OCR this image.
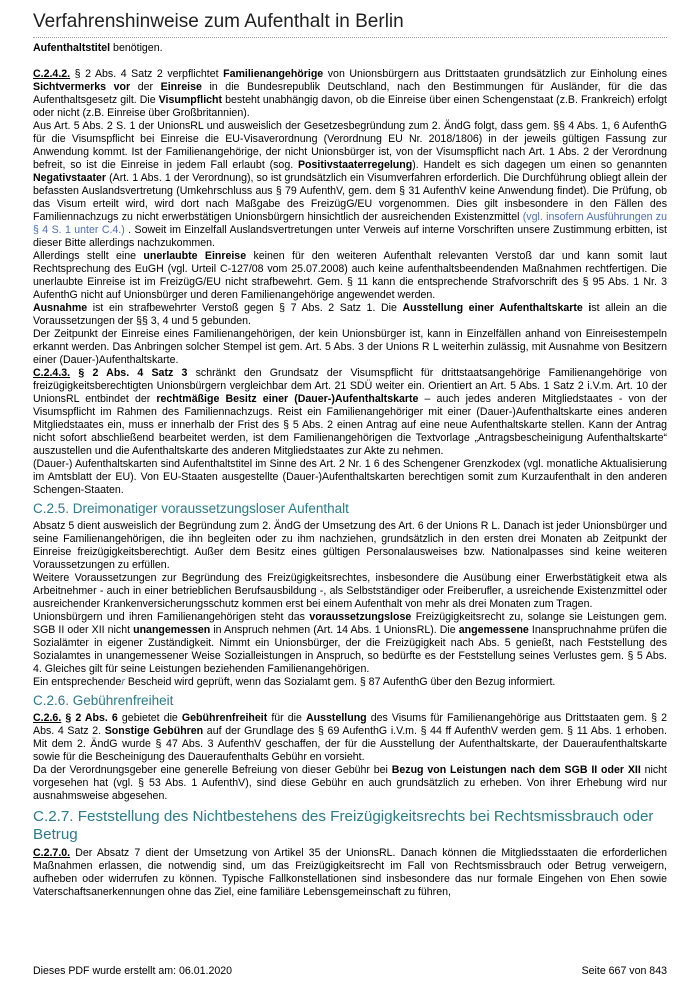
Verfahrenshinweise zum Aufenthalt in Berlin

Aufenthaltstitel benötigen.

C.2.4.2. § 2 Abs. 4 Satz 2 verpflichtet Familienangehörige von Unionsbürgern aus Drittstaaten grundsätzlich zur Einholung eines Sichtvermerks vor der Einreise in die Bundesrepublik Deutschland, nach den Bestimmungen für Ausländer, für die das Aufenthaltsgesetz gilt. Die Visumpflicht besteht unabhängig davon, ob die Einreise über einen Schengenstaat (z.B. Frankreich) erfolgt oder nicht (z.B. Einreise über Großbritannien).

Aus Art. 5 Abs. 2 S. 1 der UnionsRL und ausweislich der Gesetzesbegründung zum 2. ÄndG folgt, dass gem. §§ 4 Abs. 1, 6 AufenthG für die Visumspflicht bei Einreise die EU-Visaverordnung (Verordnung EU Nr. 2018/1806) in der jeweils gültigen Fassung zur Anwendung kommt. Ist der Familienangehörige, der nicht Unionsbürger ist, von der Visumspflicht nach Art. 1 Abs. 2 der Verordnung befreit, so ist die Einreise in jedem Fall erlaubt (sog. Positivstaaterregelung). Handelt es sich dagegen um einen so genannten Negativstaater (Art. 1 Abs. 1 der Verordnung), so ist grundsätzlich ein Visumverfahren erforderlich. Die Durchführung obliegt allein der befassten Auslandsvertretung (Umkehrschluss aus § 79 AufenthV, gem. dem § 31 AufenthV keine Anwendung findet). Die Prüfung, ob das Visum erteilt wird, wird dort nach Maßgabe des FreizügG/EU vorgenommen. Dies gilt insbesondere in den Fällen des Familiennachzugs zu nicht erwerbstätigen Unionsbürgern hinsichtlich der ausreichenden Existenzmittel (vgl. insofern Ausführungen zu § 4 S. 1 unter C.4.) . Soweit im Einzelfall Auslandsvertretungen unter Verweis auf interne Vorschriften unsere Zustimmung erbitten, ist dieser Bitte allerdings nachzukommen.

Allerdings stellt eine unerlaubte Einreise keinen für den weiteren Aufenthalt relevanten Verstoß dar und kann somit laut Rechtsprechung des EuGH (vgl. Urteil C-127/08 vom 25.07.2008) auch keine aufenthaltsbeendenden Maßnahmen rechtfertigen. Die unerlaubte Einreise ist im FreizügG/EU nicht strafbewehrt. Gem. § 11 kann die entsprechende Strafvorschrift des § 95 Abs. 1 Nr. 3 AufenthG nicht auf Unionsbürger und deren Familienangehörige angewendet werden.

Ausnahme ist ein strafbewehrter Verstoß gegen § 7 Abs. 2 Satz 1. Die Ausstellung einer Aufenthaltskarte ist allein an die Voraussetzungen der §§ 3, 4 und 5 gebunden.

Der Zeitpunkt der Einreise eines Familienangehörigen, der kein Unionsbürger ist, kann in Einzelfällen anhand von Einreisestempeln erkannt werden. Das Anbringen solcher Stempel ist gem. Art. 5 Abs. 3 der Unions R L weiterhin zulässig, mit Ausnahme von Besitzern einer (Dauer-)Aufenthaltskarte.

C.2.4.3. § 2 Abs. 4 Satz 3 schränkt den Grundsatz der Visumspflicht für drittstaatsangehörige Familienangehörige von freizügigkeitsberechtigten Unionsbürgern vergleichbar dem Art. 21 SDÜ weiter ein. Orientiert an Art. 5 Abs. 1 Satz 2 i.V.m. Art. 10 der UnionsRL entbindet der rechtmäßige Besitz einer (Dauer-)Aufenthaltskarte – auch jedes anderen Mitgliedstaates - von der Visumspflicht im Rahmen des Familiennachzugs. Reist ein Familienangehöriger mit einer (Dauer-)Aufenthaltskarte eines anderen Mitgliedstaates ein, muss er innerhalb der Frist des § 5 Abs. 2 einen Antrag auf eine neue Aufenthaltskarte stellen. Kann der Antrag nicht sofort abschließend bearbeitet werden, ist dem Familienangehörigen die Textvorlage „Antragsbescheinigung Aufenthaltskarte“ auszustellen und die Aufenthaltskarte des anderen Mitgliedstaates zur Akte zu nehmen.

(Dauer-) Aufenthaltskarten sind Aufenthaltstitel im Sinne des Art. 2 Nr. 1 6 des Schengener Grenzkodex (vgl. monatliche Aktualisierung im Amtsblatt der EU). Von EU-Staaten ausgestellte (Dauer-)Aufenthaltskarten berechtigen somit zum Kurzaufenthalt in den anderen Schengen-Staaten.

C.2.5. Dreimonatiger voraussetzungsloser Aufenthalt

Absatz 5 dient ausweislich der Begründung zum 2. ÄndG der Umsetzung des Art. 6 der Unions R L. Danach ist jeder Unionsbürger und seine Familienangehörigen, die ihn begleiten oder zu ihm nachziehen, grundsätzlich in den ersten drei Monaten ab Zeitpunkt der Einreise freizügigkeitsberechtigt. Außer dem Besitz eines gültigen Personalausweises bzw. Nationalpasses sind keine weiteren Voraussetzungen zu erfüllen.

Weitere Voraussetzungen zur Begründung des Freizügigkeitsrechtes, insbesondere die Ausübung einer Erwerbstätigkeit etwa als Arbeitnehmer - auch in einer betrieblichen Berufsausbildung -, als Selbstständiger oder Freiberufler, a usreichende Existenzmittel oder ausreichender Krankenversicherungsschutz kommen erst bei einem Aufenthalt von mehr als drei Monaten zum Tragen.

Unionsbürgern und ihren Familienangehörigen steht das voraussetzungslose Freizügigkeitsrecht zu, solange sie Leistungen gem. SGB II oder XII nicht unangemessen in Anspruch nehmen (Art. 14 Abs. 1 UnionsRL). Die angemessene Inanspruchnahme prüfen die Sozialämter in eigener Zuständigkeit. Nimmt ein Unionsbürger, der die Freizügigkeit nach Abs. 5 genießt, nach Feststellung des Sozialamtes in unangemessener Weise Sozialleistungen in Anspruch, so bedürfte es der Feststellung seines Verlustes gem. § 5 Abs. 4. Gleiches gilt für seine Leistungen beziehenden Familienangehörigen.

Ein entsprechender Bescheid wird geprüft, wenn das Sozialamt gem. § 87 AufenthG über den Bezug informiert.

C.2.6. Gebührenfreiheit

C.2.6. § 2 Abs. 6 gebietet die Gebührenfreiheit für die Ausstellung des Visums für Familienangehörige aus Drittstaaten gem. § 2 Abs. 4 Satz 2. Sonstige Gebühren auf der Grundlage des § 69 AufenthG i.V.m. § 44 ff AufenthV werden gem. § 11 Abs. 1 erhoben. Mit dem 2. ÄndG wurde § 47 Abs. 3 AufenthV geschaffen, der für die Ausstellung der Aufenthaltskarte, der Daueraufenthaltskarte sowie für die Bescheinigung des Daueraufenthalts Gebühr en vorsieht.

Da der Verordnungsgeber eine generelle Befreiung von dieser Gebühr bei Bezug von Leistungen nach dem SGB II oder XII nicht vorgesehen hat (vgl. § 53 Abs. 1 AufenthV), sind diese Gebühr en auch grundsätzlich zu erheben. Von ihrer Erhebung wird nur ausnahmsweise abgesehen.

C.2.7. Feststellung des Nichtbestehens des Freizügigkeitsrechts bei Rechtsmissbrauch oder Betrug

C.2.7.0. Der Absatz 7 dient der Umsetzung von Artikel 35 der UnionsRL. Danach können die Mitgliedsstaaten die erforderlichen Maßnahmen erlassen, die notwendig sind, um das Freizügigkeitsrecht im Fall von Rechtsmissbrauch oder Betrug verweigern, aufheben oder widerrufen zu können. Typische Fallkonstellationen sind insbesondere das nur formale Eingehen von Ehen sowie Vaterschaftsanerkennungen ohne das Ziel, eine familiäre Lebensgemeinschaft zu führen,

Dieses PDF wurde erstellt am: 06.01.2020	Seite 667 von 843
